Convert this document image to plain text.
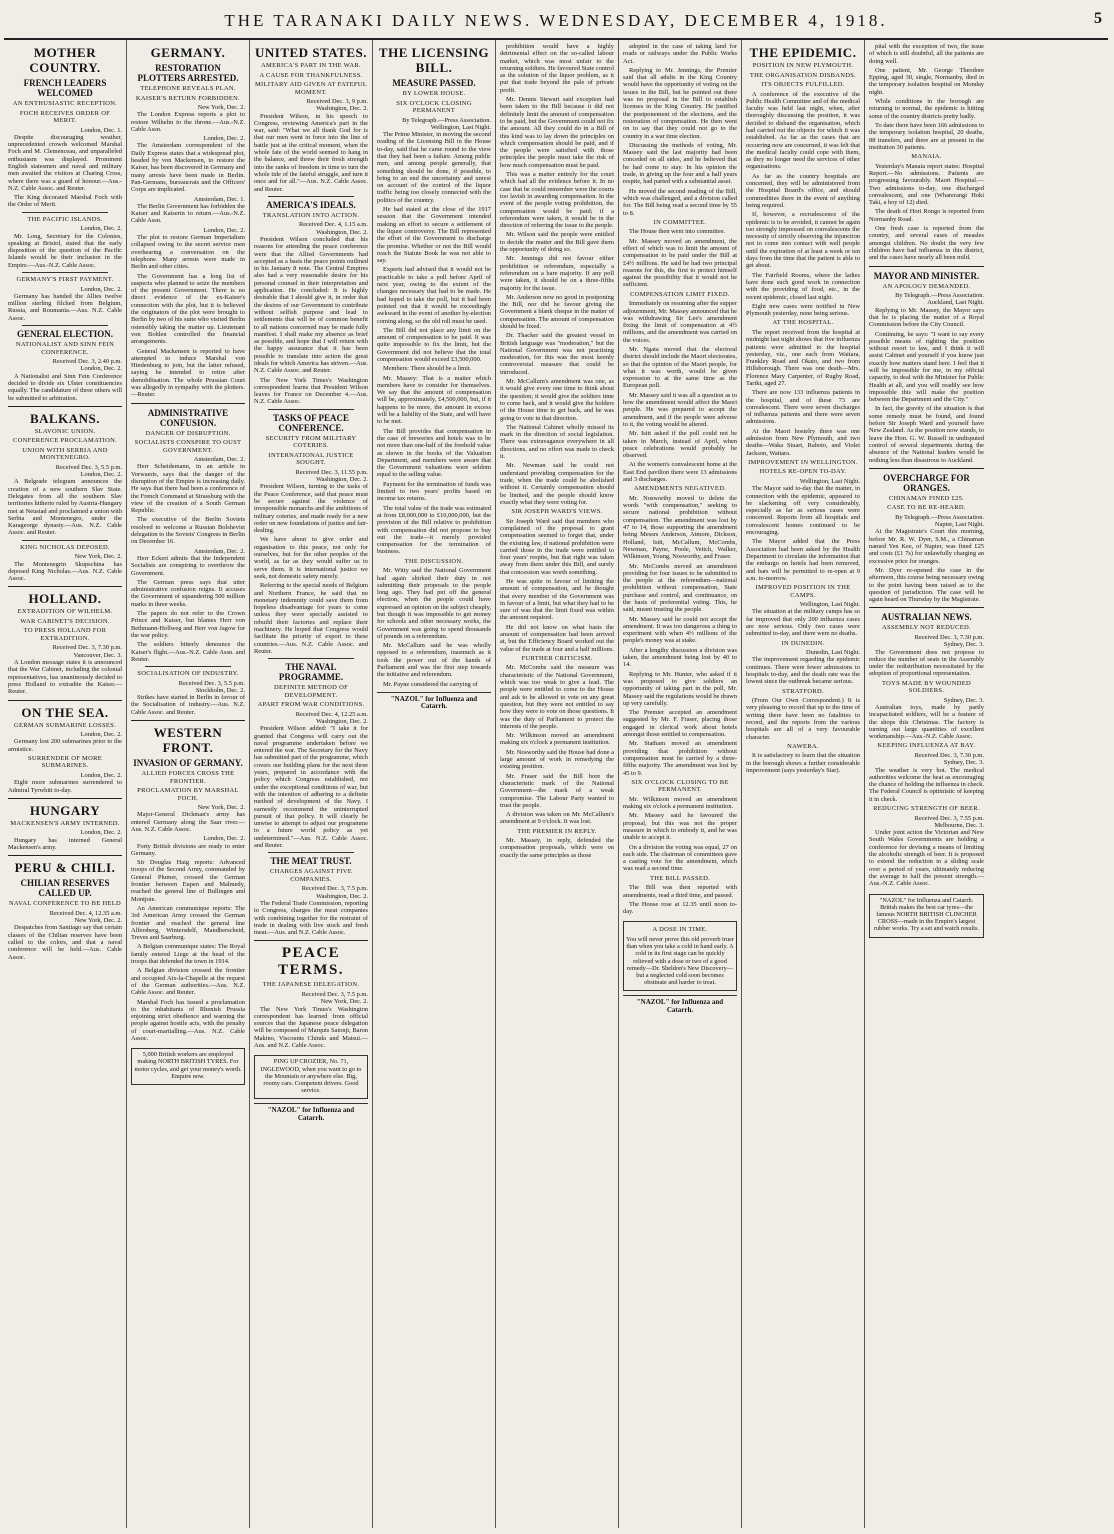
THE TARANAKI DAILY NEWS. WEDNESDAY, DECEMBER 4, 1918.	5
MOTHER COUNTRY.
FRENCH LEADERS WELCOMED
AN ENTHUSIASTIC RECEPTION.
FOCH RECEIVES ORDER OF MERIT.

London, Dec. 1.

Despite discouraging weather, unprecedented crowds welcomed Marshal Foch and M. Clemenceau, and unparalleled enthusiasm was displayed. Prominent English statesmen and naval and military men awaited the visitors at Charing Cross, where there was a guard of honour.—Aus.-N.Z. Cable Assoc. and Reuter.

The King decorated Marshal Foch with the Order of Merit.

THE PACIFIC ISLANDS.

London, Dec. 2.

Mr. Long, Secretary for the Colonies, speaking at Bristol, stated that the early disposition of the question of the Pacific Islands would be their inclusion in the Empire.—Aus.-N.Z. Cable Assoc.

GERMANY'S FIRST PAYMENT.

London, Dec. 2.

Germany has handed the Allies twelve million sterling filched from Belgium, Russia, and Roumania.—Aus. N.Z. Cable Assoc.

GENERAL ELECTION.
NATIONALIST AND SINN FEIN CONFERENCE.

Received Dec. 3, 2.40 p.m.

London, Dec. 2.

A Nationalist and Sinn Fein Conference decided to divide six Ulster constituencies equally. The candidature of three others will be submitted to arbitration.

BALKANS.
SLAVONIC UNION.
CONFERENCE PROCLAMATION.
UNION WITH SERBIA AND MONTENEGRO.

Received Dec. 3, 5.5 p.m.

London, Dec. 2.

A Belgrade telegram announces the creation of a new southern Slav State. Delegates from all the southern Slav territories hitherto ruled by Austria-Hungary met at Neustad and proclaimed a union with Serbia and Montenegro, under the Karageorge dynasty.—Aus. N.Z. Cable Assoc. and Reuter.

KING NICHOLAS DEPOSED.

New York, Dec. 2.

The Montenegrin Skupschina has deposed King Nicholas.—Aus. N.Z. Cable Assoc.

HOLLAND.
EXTRADITION OF WILHELM.
WAR CABINET'S DECISION.
TO PRESS HOLLAND FOR EXTRADITION.

Received Dec. 3, 7.30 p.m.

Vancouver, Dec. 3.

A London message states it is announced that the War Cabinet, including the colonial representatives, has unanimously decided to press Holland to extradite the Kaiser.—Reuter.

ON THE SEA.
GERMAN SUBMARINE LOSSES.

London, Dec. 2.

Germany lost 200 submarines prior to the armistice.

SURRENDER OF MORE SUBMARINES.

London, Dec. 2.

Eight more submarines surrendered to Admiral Tyrwhitt to-day.

HUNGARY
MACKENSEN'S ARMY INTERNED.

London, Dec. 2.

Hungary has interned General Mackensen's army.

PERU & CHILI.
CHILIAN RESERVES CALLED UP.
NAVAL CONFERENCE TO BE HELD

Received Dec. 4, 12.35 a.m.

New York, Dec. 2.

Despatches from Santiago say that certain classes of the Chilian reserves have been called to the colors, and that a naval conference will be held.—Aus. Cable Assoc.

GERMANY.
RESTORATION PLOTTERS ARRESTED.
TELEPHONE REVEALS PLAN.
KAISER'S RETURN FORBIDDEN.

New York, Dec. 2.

The London Express reports a plot to restore Wilhelm to the throne.—Aus.-N.Z. Cable Assn.

London, Dec. 2.

The Amsterdam correspondent of the Daily Express states that a widespread plot, headed by von Mackensen, to restore the Kaiser, has been discovered in Germany and many arrests have been made in Berlin. Pan-Germans, bureaucrats and the Officers' Corps are implicated.

Amsterdam, Dec. 1.

The Berlin Government has forbidden the Kaiser and Kaiserin to return.—Aus.-N.Z. Cable Assn.

London, Dec. 2.

The plot to restore German Imperialism collapsed owing to the secret service men overhearing a conversation on the telephone. Many arrests were made in Berlin and other cities.

The Government has a long list of suspects who planned to seize the members of the present Government. There is no direct evidence of the ex-Kaiser's connection with the plot, but it is believed the originators of the plot were brought to Berlin by two of his suite who visited Berlin ostensibly taking the matter up. Lieutenant von Bohlen controlled the financial arrangements.

General Mackensen is reported to have attempted to induce Marshal von Hindenburg to join, but the latter refused, saying he intended to retire after demobilisation. The whole Prussian Court was allegedly in sympathy with the plotters.—Reuter.

ADMINISTRATIVE CONFUSION.
DANGER OF DISRUPTION.
SOCIALISTS CONSPIRE TO OUST GOVERNMENT.

Amsterdam, Dec. 2.

Herr Scheidemann, in an article in Vorwaerts, says that the danger of the disruption of the Empire is increasing daily. He says that there had been a conference of the French Command at Strassburg with the view of the creation of a South German Republic.

The executive of the Berlin Soviets resolved to welcome a Russian Bolshevist delegation to the Soviets' Congress in Berlin on December 16.

Amsterdam, Dec. 2.

Herr Eckert admits that the Independent Socialists are conspiring to overthrow the Government.

The German press says that utter administrative confusion reigns. It accuses the Government of squandering 500 million marks in three weeks.

The papers do not refer to the Crown Prince and Kaiser, but blames Herr von Bethmann-Hollweg and Herr von Jagow for the war policy.

The soldiers bitterly denounce the Kaiser's flight.—Aus.-N.Z. Cable Assn. and Reuter.

SOCIALISATION OF INDUSTRY.

Received Dec. 3, 5.5 p.m.

Stockholm, Dec. 2.

Strikes have started in Berlin in favour of the Socialisation of industry.—Aus. N.Z. Cable Assoc. and Reuter.

WESTERN FRONT.
INVASION OF GERMANY.
ALLIED FORCES CROSS THE FRONTIER.
PROCLAMATION BY MARSHAL FOCH.

New York, Dec. 2.

Major-General Dickman's army has entered Germany along the Saar river.—Aus. N.Z. Cable Assoc.

London, Dec. 2.

Forty British divisions are ready to enter Germany.

Sir Douglas Haig reports: Advanced troops of the Second Army, commanded by General Plumer, crossed the German frontier between Eupen and Malmedy, reached the general line of Bullingen and Montjoie.

An American communique reports: The 3rd American Army crossed the German frontier and reached the general line Alfersberg, Wintersdelf, Mandherscheid, Treves and Saarburg.

A Belgian communique states: The Royal family entered Liege at the head of the troops that defended the town in 1914.

A Belgian division crossed the frontier and occupied Aix-la-Chapelle at the request of the German authorities.—Aus. N.Z. Cable Assoc. and Reuter.

Marshal Foch has issued a proclamation to the inhabitants of Rhenish Prussia enjoining strict obedience and warning the people against hostile acts, with the penalty of court-martialling.—Aus. N.Z. Cable Assoc.

5,000 British workers are employed making NORTH BRITISH TYRES. For motor cycles, and get your money's worth. Enquire now.

UNITED STATES.
AMERICA'S PART IN THE WAR.
A CAUSE FOR THANKFULNESS.
MILITARY AID GIVEN AT FATEFUL MOMENT.

Received Dec. 3, 9 p.m.

Washington, Dec. 2.

President Wilson, in his speech to Congress, reviewing America's part in the war, said: "What we all thank God for is that our men went in force into the line of battle just at the critical moment, when the whole fate of the world seemed to hang in the balance, and threw their fresh strength into the ranks of freedom in time to turn the whole tide of the fateful struggle, and turn it once and for all."—Aus. N.Z. Cable Assoc. and Reuter.

AMERICA'S IDEALS.
TRANSLATION INTO ACTION.

Received Dec. 4, 1.15 a.m.

Washington, Dec. 2.

President Wilson concluded that his reasons for attending the peace conference were that the Allied Governments had accepted as a basis the peace points outlined in his January 8 note. The Central Empires also had a very reasonable desire for his personal counsel in their interpretation and application. He concluded: It is highly desirable that I should give it, in order that the desires of our Government to contribute without selfish purpose and lead to settlements that will be of common benefit to all nations concerned may be made fully manifest. I shall make my absence as brief as possible, and hope that I will return with the happy assurance that it has been possible to translate into action the great ideals for which America has striven.—Aus. N.Z. Cable Assoc. and Reuter.

The New York Times's Washington correspondent learns that President Wilson leaves for France on December 4.—Aus. N.Z. Cable Assoc.

TASKS OF PEACE CONFERENCE.
SECURITY FROM MILITARY COTERIES.
INTERNATIONAL JUSTICE SOUGHT.

Received Dec. 3, 11.55 p.m.

Washington, Dec. 2.

President Wilson, turning to the tasks of the Peace Conference, said that peace must be secure against the violence of irresponsible monarchs and the ambitions of military coteries, and made ready for a new order on new foundations of justice and fair-dealing.

We have about to give order and organisation to this peace, not only for ourselves, but for the other peoples of the world, as far as they would suffer us to serve them. It is international justice we seek, not domestic safety merely.

Referring to the special needs of Belgium and Northern France, he said that no monetary indemnity could save them from hopeless disadvantage for years to come unless they were specially assisted to rebuild their factories and replace their machinery. He hoped that Congress would facilitate the priority of export to these countries.—Aus. N.Z. Cable Assoc. and Reuter.

THE NAVAL PROGRAMME.
DEFINITE METHOD OF DEVELOPMENT.
APART FROM WAR CONDITIONS.

Received Dec. 4, 12.25 a.m.

Washington, Dec. 2.

President Wilson added: "I take it for granted that Congress will carry out the naval programme undertaken before we entered the war. The Secretary for the Navy has submitted part of the programme, which covers our building plans for the next three years, prepared in accordance with the policy which Congress established, not under the exceptional conditions of war, but with the intention of adhering to a definite method of development of the Navy. I earnestly recommend the uninterrupted pursuit of that policy. It will clearly be unwise to attempt to adjust our programme to a future world policy as yet undetermined."—Aus. N.Z. Cable Assoc. and Reuter.

THE MEAT TRUST.
CHARGES AGAINST FIVE COMPANIES.

Received Dec. 3, 7.5 p.m.

Washington, Dec. 2.

The Federal Trade Commission, reporting to Congress, charges the meat companies with combining together for the restraint of trade in dealing with live stock and fresh meat.—Aus. and N.Z. Cable Assoc.

PEACE TERMS.
THE JAPANESE DELEGATION.

Received Dec. 3, 7.5 p.m.

New York, Dec. 2.

The New York Times's Washington correspondent has learned from official sources that the Japanese peace delegation will be composed of Marquis Saionji, Baron Makino, Viscounts Chinda and Matsui.—Aus. and N.Z. Cable Assoc.

PING UP CROZIER, No. 71, INGLEWOOD, when you want to go to the Mountain or anywhere else. Big, roomy cars. Competent drivers. Good service.

"NAZOL" for Influenza and Catarrh.
THE LICENSING BILL.
MEASURE PASSED.
BY LOWER HOUSE.
SIX O'CLOCK CLOSING PERMANENT

By Telegraph.—Press Association.

Wellington, Last Night.

The Prime Minister, in moving the second reading of the Licensing Bill in the House to-day, said that he came round to the view that they had been a failure. Among public men, and among people generally, that something should be done, if possible, to bring to an end the uncertainty and unrest on account of the control of the liquor traffic being too closely connected with the politics of the country.

He had stated at the close of the 1917 session that the Government intended making an effort to secure a settlement of the liquor controversy. The Bill represented the effort of the Government to discharge the promise. Whether or not the Bill would reach the Statute Book he was not able to say.

Experts had advised that it would not be practicable to take a poll before April of next year, owing to the extent of the changes necessary that had to be made. He had hoped to take the poll, but it had been pointed out that it would be exceedingly awkward in the event of another by-election coming along, so the old roll must be used.

The Bill did not place any limit on the amount of compensation to be paid. It was quite impossible to fix the limit, but the Government did not believe that the total compensation would exceed £3,500,000.

Members: There should be a limit.

Mr. Massey: That is a matter which members have to consider for themselves. We say that the amount of compensation will be, approximately, £4,500,000, but, if it happens to be more, the amount in excess will be a liability of the State, and will have to be met.

The Bill provides that compensation in the case of breweries and hotels was to be not more than one-half of the freehold value as shown in the books of the Valuation Department, and members were aware that the Government valuations were seldom equal to the selling value.

Payment for the termination of funds was limited to two years' profits based on income tax returns.

The total value of the trade was estimated at from £8,000,000 to £10,000,000, but the provision of the Bill relative to prohibition with compensation did not propose to buy out the trade—it merely provided compensation for the termination of business.

THE DISCUSSION.

Mr. Witty said the National Government had again shirked their duty in not submitting their proposals to the people long ago. They had put off the general election, when the people could have expressed an opinion on the subject cheaply, but though it was impossible to get money for schools and other necessary works, the Government was going to spend thousands of pounds on a referendum.

Mr. McCallum said he was wholly opposed to a referendum, inasmuch as it took the power out of the hands of Parliament and was the first step towards the initiative and referendum.

Mr. Payne considered the carrying of

"NAZOL" for Influenza and Catarrh.

prohibition would have a highly detrimental effect on the so-called labour market, which was most unfair to the returning soldiers. He favoured State control as the solution of the liquor problem, as it put that trade beyond the pale of private profit.

Mr. Dennis Stewart said exception had been taken to the Bill because it did not definitely limit the amount of compensation to be paid, but the Government could not fix the amount. All they could do in a Bill of this kind was to lay down the principles on which compensation should be paid, and if the people were satisfied with those principles the people must take the risk of how much compensation must be paid.

This was a matter entirely for the court which had all the evidence before it. In no case that he could remember were the courts too lavish in awarding compensation. In the event of the people voting prohibition, the compensation would be paid; if a referendum were taken, it would be in the direction of referring the issue to the people.

Mr. Wilson said the people were entitled to decide the matter and the Bill gave them the opportunity of doing so.

Mr. Jennings did not favour either prohibition or referendum, especially a referendum on a bare majority. If any poll were taken, it should be on a three-fifths majority for the issue.

Mr. Anderson now no good in postponing the Bill, nor did he favour giving the Government a blank cheque in the matter of compensation. The amount of compensation should be fixed.

Dr. Thacker said the greatest vessel in British language was "moderation," but the National Government was not practising moderation, for this was the most keenly controversial measure that could be introduced.

Mr. McCallum's amendment was one, as it would give every one time to think about the question; it would give the soldiers time to come back, and it would give the holders of the House time to get back, and he was going to vote in that direction.

The National Cabinet wholly missed its mark in the direction of social legislation. There was extravagance everywhere in all directions, and no effort was made to check it.

Mr. Newman said he could not understand providing compensation for the trade, when the trade could be abolished without it. Certainly compensation should be limited, and the people should know exactly what they were voting for.

SIR JOSEPH WARD'S VIEWS.

Sir Joseph Ward said that members who complained of the proposal to grant compensation seemed to forget that, under the existing law, if national prohibition were carried those in the trade were entitled to four years' respite, but that right was taken away from them under this Bill, and surely that concession was worth something.

He was quite in favour of limiting the amount of compensation, and he thought that every member of the Government was in favour of a limit, but what they had to be sure of was that the limit fixed was within the amount required.

He did not know on what basis the amount of compensation had been arrived at, but the Efficiency Board worked out the value of the trade at four and a half millions.

FURTHER CRITICISM.

Mr. McCombs said the measure was characteristic of the National Government, which was too weak to give a lead. The people were entitled to come to the House and ask to be allowed to vote on any great question, but they were not entitled to say how they were to vote on those questions. It was the duty of Parliament to protect the interests of the people.

Mr. Wilkinson moved an amendment making six o'clock a permanent institution.

Mr. Nosworthy said the House had done a large amount of work in remedying the existing position.

Mr. Fraser said the Bill bore the characteristic mark of the National Government—the mark of a weak compromise. The Labour Party wanted to trust the people.

A division was taken on Mr. McCallum's amendment at 9 o'clock. It was lost.

THE PREMIER IN REPLY.

Mr. Massey, in reply, defended the compensation proposals, which were on exactly the same principles as those

adopted in the case of taking land for roads or railways under the Public Works Act.

Replying to Mr. Jennings, the Premier said that all adults in the King Country would have the opportunity of voting on the issues in the Bill, but he pointed out there was no proposal in the Bill to establish licenses in the King Country. He justified the postponement of the elections, and the restoration of compensation. He then went on to say that they could not go to the country in a war time election.

Discussing the methods of voting, Mr. Massey said the last majority had been conceded on all sides, and he believed that he had come to stay. In his opinion the trade, in giving up the four and a half years respite, had parted with a substantial asset.

He moved the second reading of the Bill, which was challenged, and a division called for. The Bill being read a second time by 55 to 8.

IN COMMITTEE.

The House then went into committee.

Mr. Massey moved an amendment, the effect of which was to limit the amount of compensation to be paid under the Bill at £4½ millions. He said he had two principal reasons for this, the first to protect himself against the possibility that it would not be sufficient.

COMPENSATION LIMIT FIXED.

Immediately on resuming after the supper adjournment, Mr. Massey announced that he was withdrawing Sir Lee's amendment fixing the limit of compensation at 4½ millions, and the amendment was carried on the voices.

Mr. Ngata moved that the electoral district should include the Maori electorates, so that the opinion of the Maori people, for what it was worth, would be given expression to at the same time as the European poll.

Mr. Massey said it was all a question as to how the amendment would affect the Maori people. He was prepared to accept the amendment, and if the people were adverse to it, the voting would be altered.

Mr. Isitt asked if the poll could not be taken in March, instead of April, when peace celebrations would probably be observed.

At the women's convalescent home at the East End pavilion there were 13 admissions and 3 discharges.

AMENDMENTS NEGATIVED.

Mr. Nosworthy moved to delete the words "with compensation," seeking to secure national prohibition without compensation. The amendment was lost by 47 to 14, those supporting the amendment being Messrs Anderson, Atmore, Dickson, Holland, Isitt, McCallum, McCombs, Newman, Payne, Poole, Veitch, Walker, Wilkinson, Young, Nosworthy, and Fraser.

Mr. McCombs moved an amendment providing for four issues to be submitted to the people at the referendum—national prohibition without compensation, State purchase and control, and continuance, on the basis of preferential voting. This, he said, meant trusting the people.

Mr. Massey said he could not accept the amendment. It was too dangerous a thing to experiment with when 4½ millions of the people's money was at stake.

After a lengthy discussion a division was taken, the amendment being lost by 40 to 14.

Replying to Mr. Hunter, who asked if it was proposed to give soldiers an opportunity of taking part in the poll, Mr. Massey said the regulations would be drawn up very carefully.

The Premier accepted an amendment suggested by Mr. F. Fraser, placing those engaged in clerical work about hotels amongst those entitled to compensation.

Mr. Statham moved an amendment providing that prohibition without compensation must be carried by a three-fifths majority. The amendment was lost by 45 to 9.

SIX O'CLOCK CLOSING TO BE PERMANENT.

Mr. Wilkinson moved an amendment making six o'clock a permanent institution.

Mr. Massey said he favoured the proposal, but this was not the proper measure in which to embody it, and he was unable to accept it.

On a division the voting was equal, 27 on each side. The chairman of committees gave a casting vote for the amendment, which was read a second time.

THE BILL PASSED.

The Bill was then reported with amendments, read a third time, and passed.

The House rose at 12.35 until noon to-day.

A DOSE IN TIME.

You will never prove this old proverb truer than when you take a cold in hand early. A cold in its first stage can be quickly relieved with a dose or two of a good remedy—Dr. Sheldon's New Discovery—but a neglected cold soon becomes obstinate and harder to treat.

"NAZOL" for Influenza and Catarrh.
THE EPIDEMIC.
POSITION IN NEW PLYMOUTH.
THE ORGANISATION DISBANDS.
ITS OBJECTS FULFILLED.

A conference of the executive of the Public Health Committee and of the medical faculty was held last night, when, after thoroughly discussing the position, it was decided to disband the organisation, which had carried out the objects for which it was established. As far as the cases that are occurring now are concerned, it was felt that the medical faculty could cope with them, as they no longer need the services of other organisations.

As far as the country hospitals are concerned, they will be administered from the Hospital Board's office, and should commodities there in the event of anything being required.

If, however, a recrudescence of the epidemic is to be avoided, it cannot be again too strongly impressed on convalescents the necessity of strictly observing the injunction not to come into contact with well people until the expiration of at least a week or ten days from the time that the patient is able to get about.

The Fairfield Rooms, where the ladies have done such good work in connection with the providing of food, etc., in the recent epidemic, closed last night.

Eight new cases were notified in New Plymouth yesterday, none being serious.

AT THE HOSPITAL.

The report received from the hospital at midnight last night shows that five influenza patients were admitted to the hospital yesterday, viz., one each from Waitara, Frankley Road and Okato, and two from Hillsborough. There was one death—Mrs. Florence Mary Carpenter, of Rugby Road, Tariki, aged 27.

There are now 133 influenza patients in the hospital, and of these 73 are convalescent. There were seven discharges of influenza patients and there were seven admissions.

At the Maori hostelry there was one admission from New Plymouth, and two deaths—Waka Stuart, Raboto, and Violet Jackson, Waitara.

IMPROVEMENT IN WELLINGTON.
HOTELS RE-OPEN TO-DAY.

Wellington, Last Night.

The Mayor said to-day that the matter, in connection with the epidemic, appeared to be slackening off very considerably, especially as far as serious cases were concerned. Reports from all hospitals and convalescent homes continued to be encouraging.

The Mayor added that the Press Association had been asked by the Health Department to circulate the information that the embargo on hotels had been removed, and bars will be permitted to re-open at 9 a.m. to-morrow.

IMPROVED POSITION IN THE CAMPS.

Wellington, Last Night.

The situation at the military camps has so far improved that only 200 influenza cases are now serious. Only two cases were submitted to-day, and there were no deaths.

IN DUNEDIN.

Dunedin, Last Night.

The improvement regarding the epidemic continues. There were fewer admissions to hospitals to-day, and the death rate was the lowest since the outbreak became serious.

STRATFORD.

(From Our Own Correspondent.) It is very pleasing to record that up to the time of writing there have been no fatalities to record, and the reports from the various hospitals are all of a very favourable character.

NAWERA.

It is satisfactory to learn that the situation in the borough shows a further considerable improvement (says yesterday's Star).

pital with the exception of two, the issue of which is still doubtful, all the patients are doing well.

One patient, Mr. George Theodore Epping, aged 30, single, Normanby, died in the temporary isolation hospital on Monday night.

While conditions in the borough are returning to normal, the epidemic is hitting some of the country districts pretty badly.

To date there have been 166 admissions to the temporary isolation hospital, 20 deaths, 88 transfers, and there are at present in the institution 30 patients.

MANAIA.

Yesterday's Manaia report states: Hospital Report.—No admissions. Patients are progressing favourably. Maori Hospital.—Two admissions to-day, one discharged convalescent, and one (Wharerangi Hoki Taki, a boy of 12) died.

The death of Hori Rongo is reported from Normanby Road.

One fresh case is reported from the country, and several cases of measles amongst children. No doubt the very few children have had influenza in this district, and the cases have nearly all been mild.

MAYOR AND MINISTER.
AN APOLOGY DEMANDED.

By Telegraph.—Press Association.

Auckland, Last Night.

Replying to Mr. Massey, the Mayor says that he is placing the matter of a Royal Commission before the City Council.

Continuing, he says: "I want to say every possible means of righting the position without resort to law, and I think it will assist Cabinet and yourself if you know just exactly how matters stand here. I feel that it will be impossible for me, in my official capacity, to deal with the Minister for Public Health at all, and you will readily see how impossible this will make the position between the Department and the City."

In fact, the gravity of the situation is that some remedy must be found, and found before Sir Joseph Ward and yourself have New Zealand. As the position now stands, to leave the Hon. G. W. Russell in undisputed control of several departments during the absence of the National leaders would be nothing less than disastrous to Auckland.

OVERCHARGE FOR ORANGES.
CHINAMAN FINED £25.
CASE TO BE RE-HEARD.

By Telegraph.—Press Association.

Napier, Last Night.

At the Magistrate's Court this morning, before Mr. R. W. Dyer, S.M., a Chinaman named Yen Kee, of Napier, was fined £25 and costs (£1 7s) for unlawfully charging an excessive price for oranges.

Mr. Dyer re-opened the case in the afternoon, this course being necessary owing to the point having been raised as to the question of jurisdiction. The case will be again heard on Thursday by the Magistrate.

AUSTRALIAN NEWS.
ASSEMBLY NOT REDUCED.

Received Dec. 3, 7.30 p.m.

Sydney, Dec. 3.

The Government does not propose to reduce the number of seats in the Assembly under the redistribution necessitated by the adoption of proportional representation.

TOYS MADE BY WOUNDED SOLDIERS.

Sydney, Dec. 3.

Australian toys, made by partly incapacitated soldiers, will be a feature of the shops this Christmas. The factory is turning out large quantities of excellent workmanship.—Aus.-N.Z. Cable Assoc.

KEEPING INFLUENZA AT BAY.

Received Dec. 3, 7.30 p.m.

Sydney, Dec. 3.

The weather is very hot. The medical authorities welcome the heat as encouraging the chance of holding the influenza in check. The Federal Council is optimistic of keeping it in check.

REDUCING STRENGTH OF BEER.

Received Dec. 3, 7.55 p.m.

Melbourne, Dec. 3.

Under joint action the Victorian and New South Wales Governments are holding a conference for devising a means of limiting the alcoholic strength of beer. It is proposed to extend the reduction in a sliding scale over a period of years, ultimately reducing the average to half the present strength.—Aus.-N.Z. Cable Assoc.

"NAZOL" for Influenza and Catarrh. British makes the best car tyres—the famous NORTH BRITISH CLINCHER CROSS—made in the Empire's largest rubber works. Try a set and watch results.
